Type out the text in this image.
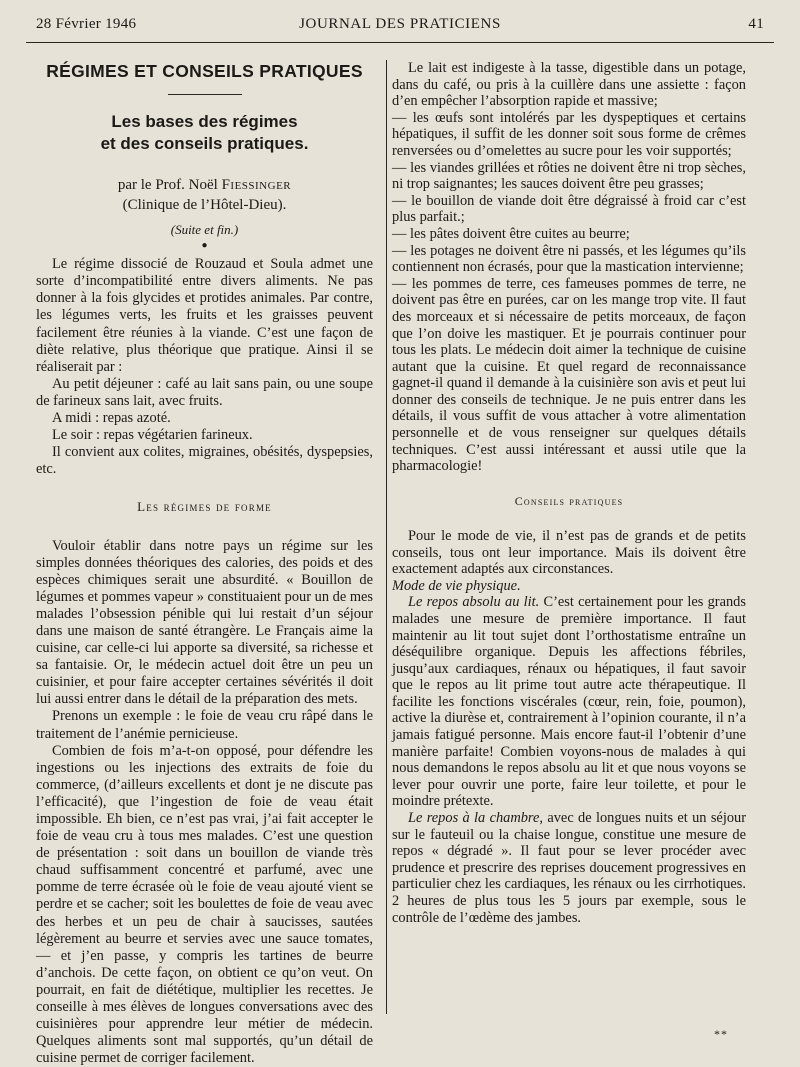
28 Février 1946	JOURNAL DES PRATICIENS	41
RÉGIMES ET CONSEILS PRATIQUES
Les bases des régimes
et des conseils pratiques.
par le Prof. Noël Fiessinger
(Clinique de l’Hôtel-Dieu).
(Suite et fin.)
●

Le régime dissocié de Rouzaud et Soula admet une sorte d’incompatibilité entre divers aliments. Ne pas donner à la fois glycides et protides animales. Par contre, les légumes verts, les fruits et les graisses peuvent facilement être réunies à la viande. C’est une façon de diète relative, plus théorique que pratique. Ainsi il se réaliserait par :

Au petit déjeuner : café au lait sans pain, ou une soupe de farineux sans lait, avec fruits.

A midi : repas azoté.

Le soir : repas végétarien farineux.

Il convient aux colites, migraines, obésités, dyspepsies, etc.

Les régimes de forme

Vouloir établir dans notre pays un régime sur les simples données théoriques des calories, des poids et des espèces chimiques serait une absurdité. « Bouillon de légumes et pommes vapeur » constituaient pour un de mes malades l’obsession pénible qui lui restait d’un séjour dans une maison de santé étrangère. Le Français aime la cuisine, car celle-ci lui apporte sa diversité, sa richesse et sa fantaisie. Or, le médecin actuel doit être un peu un cuisinier, et pour faire accepter certaines sévérités il doit lui aussi entrer dans le détail de la préparation des mets.

Prenons un exemple : le foie de veau cru râpé dans le traitement de l’anémie pernicieuse.

Combien de fois m’a-t-on opposé, pour défendre les ingestions ou les injections des extraits de foie du commerce, (d’ailleurs excellents et dont je ne discute pas l’efficacité), que l’ingestion de foie de veau était impossible. Eh bien, ce n’est pas vrai, j’ai fait accepter le foie de veau cru à tous mes malades. C’est une question de présentation : soit dans un bouillon de viande très chaud suffisamment concentré et parfumé, avec une pomme de terre écrasée où le foie de veau ajouté vient se perdre et se cacher; soit les boulettes de foie de veau avec des herbes et un peu de chair à saucisses, sautées légèrement au beurre et servies avec une sauce tomates, — et j’en passe, y compris les tartines de beurre d’anchois. De cette façon, on obtient ce qu’on veut. On pourrait, en fait de diététique, multiplier les recettes. Je conseille à mes élèves de longues conversations avec des cuisinières pour apprendre leur métier de médecin. Quelques aliments sont mal supportés, qu’un détail de cuisine permet de corriger facilement.

Le lait est indigeste à la tasse, digestible dans un potage, dans du café, ou pris à la cuillère dans une assiette : façon d’en empêcher l’absorption rapide et massive;

— les œufs sont intolérés par les dyspeptiques et certains hépatiques, il suffit de les donner soit sous forme de crêmes renversées ou d’omelettes au sucre pour les voir supportés;

— les viandes grillées et rôties ne doivent être ni trop sèches, ni trop saignantes; les sauces doivent être peu grasses;

— le bouillon de viande doit être dégraissé à froid car c’est plus parfait.;

— les pâtes doivent être cuites au beurre;

— les potages ne doivent être ni passés, et les légumes qu’ils contiennent non écrasés, pour que la mastication intervienne;

— les pommes de terre, ces fameuses pommes de terre, ne doivent pas être en purées, car on les mange trop vite. Il faut des morceaux et si nécessaire de petits morceaux, de façon que l’on doive les mastiquer. Et je pourrais continuer pour tous les plats. Le médecin doit aimer la technique de cuisine autant que la cuisine. Et quel regard de reconnaissance gagnet-il quand il demande à la cuisinière son avis et peut lui donner des conseils de technique. Je ne puis entrer dans les détails, il vous suffit de vous attacher à votre alimentation personnelle et de vous renseigner sur quelques détails techniques. C’est aussi intéressant et aussi utile que la pharmacologie!

Conseils pratiques

Pour le mode de vie, il n’est pas de grands et de petits conseils, tous ont leur importance. Mais ils doivent être exactement adaptés aux circonstances.

Mode de vie physique.

Le repos absolu au lit. C’est certainement pour les grands malades une mesure de première importance. Il faut maintenir au lit tout sujet dont l’orthostatisme entraîne un déséquilibre organique. Depuis les affections fébriles, jusqu’aux cardiaques, rénaux ou hépatiques, il faut savoir que le repos au lit prime tout autre acte thérapeutique. Il facilite les fonctions viscérales (cœur, rein, foie, poumon), active la diurèse et, contrairement à l’opinion courante, il n’a jamais fatigué personne. Mais encore faut-il l’obtenir d’une manière parfaite! Combien voyons-nous de malades à qui nous demandons le repos absolu au lit et que nous voyons se lever pour ouvrir une porte, faire leur toilette, et pour le moindre prétexte.

Le repos à la chambre, avec de longues nuits et un séjour sur le fauteuil ou la chaise longue, constitue une mesure de repos « dégradé ». Il faut pour se lever procéder avec prudence et prescrire des reprises doucement progressives en particulier chez les cardiaques, les rénaux ou les cirrhotiques. 2 heures de plus tous les 5 jours par exemple, sous le contrôle de l’œdème des jambes.

**
